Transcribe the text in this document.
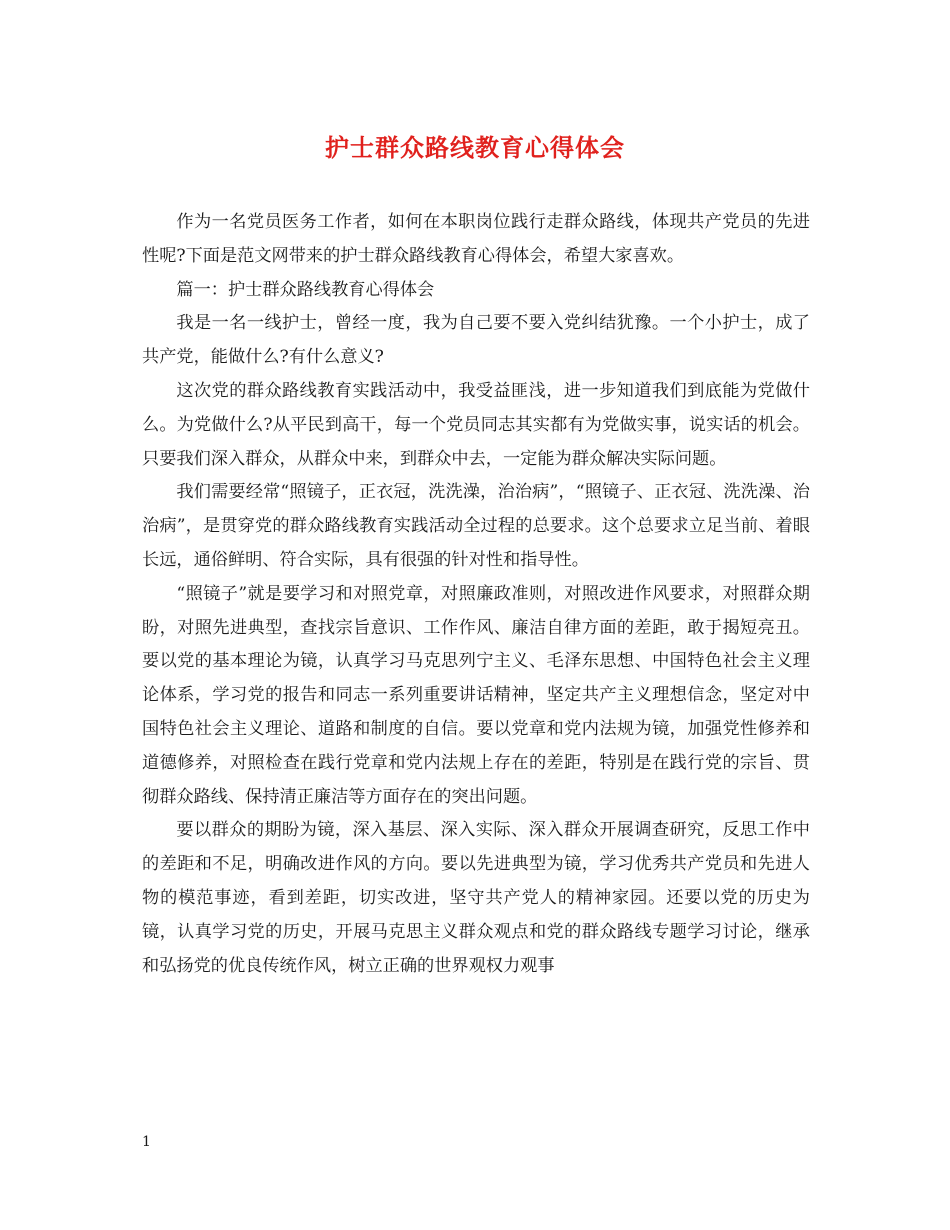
护士群众路线教育心得体会

作为一名党员医务工作者，如何在本职岗位践行走群众路线，体现共产党员的先进性呢?下面是范文网带来的护士群众路线教育心得体会，希望大家喜欢。

篇一：护士群众路线教育心得体会

我是一名一线护士，曾经一度，我为自己要不要入党纠结犹豫。一个小护士，成了共产党，能做什么?有什么意义?

这次党的群众路线教育实践活动中，我受益匪浅，进一步知道我们到底能为党做什么。为党做什么?从平民到高干，每一个党员同志其实都有为党做实事，说实话的机会。只要我们深入群众，从群众中来，到群众中去，一定能为群众解决实际问题。

我们需要经常“照镜子，正衣冠，洗洗澡，治治病”，“照镜子、正衣冠、洗洗澡、治治病”，是贯穿党的群众路线教育实践活动全过程的总要求。这个总要求立足当前、着眼长远，通俗鲜明、符合实际，具有很强的针对性和指导性。

“照镜子”就是要学习和对照党章，对照廉政准则，对照改进作风要求，对照群众期盼，对照先进典型，查找宗旨意识、工作作风、廉洁自律方面的差距，敢于揭短亮丑。要以党的基本理论为镜，认真学习马克思列宁主义、毛泽东思想、中国特色社会主义理论体系，学习党的报告和同志一系列重要讲话精神，坚定共产主义理想信念，坚定对中国特色社会主义理论、道路和制度的自信。要以党章和党内法规为镜，加强党性修养和道德修养，对照检查在践行党章和党内法规上存在的差距，特别是在践行党的宗旨、贯彻群众路线、保持清正廉洁等方面存在的突出问题。

要以群众的期盼为镜，深入基层、深入实际、深入群众开展调查研究，反思工作中的差距和不足，明确改进作风的方向。要以先进典型为镜，学习优秀共产党员和先进人物的模范事迹，看到差距，切实改进，坚守共产党人的精神家园。还要以党的历史为镜，认真学习党的历史，开展马克思主义群众观点和党的群众路线专题学习讨论，继承和弘扬党的优良传统作风，树立正确的世界观权力观事

1
